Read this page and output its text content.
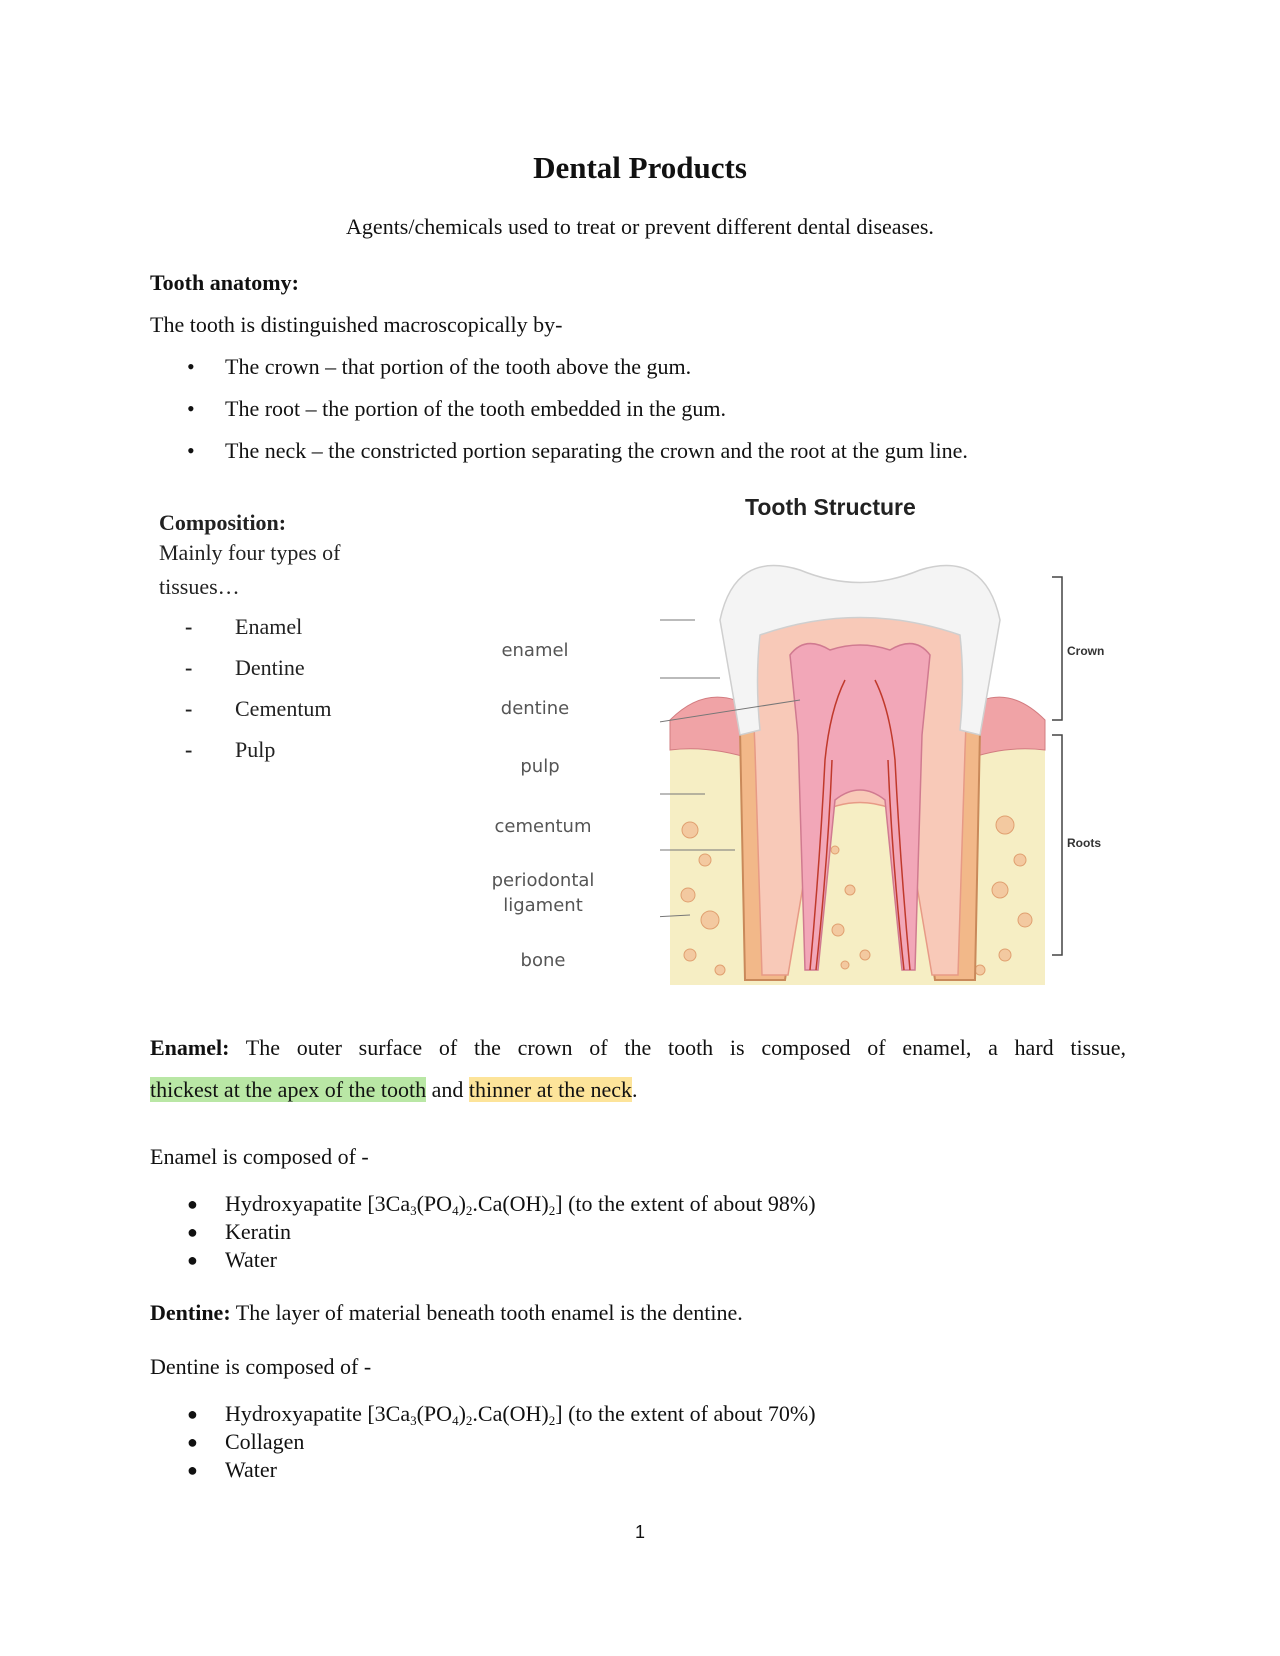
Dental Products
Agents/chemicals used to treat or prevent different dental diseases.
Tooth anatomy:
The tooth is distinguished macroscopically by-
• The crown – that portion of the tooth above the gum.
• The root – the portion of the tooth embedded in the gum.
• The neck – the constricted portion separating the crown and the root at the gum line.
Composition:
Mainly four types of
tissues…
- Enamel
- Dentine
- Cementum
- Pulp
Tooth Structure
Crown
Roots
enamel
dentine
pulp
cementum
periodontal
ligament
bone
Enamel: The outer surface of the crown of the tooth is composed of enamel, a hard tissue,
thickest at the apex of the tooth and thinner at the neck.
Enamel is composed of -
● Hydroxyapatite $[3Ca_3(PO_4)_2.Ca(OH)_2]$ (to the extent of about 98%)
● Keratin
● Water
Dentine: The layer of material beneath tooth enamel is the dentine.
Dentine is composed of -
● Hydroxyapatite $[3Ca_3(PO_4)_2.Ca(OH)_2]$ (to the extent of about 70%)
● Collagen
● Water
1
